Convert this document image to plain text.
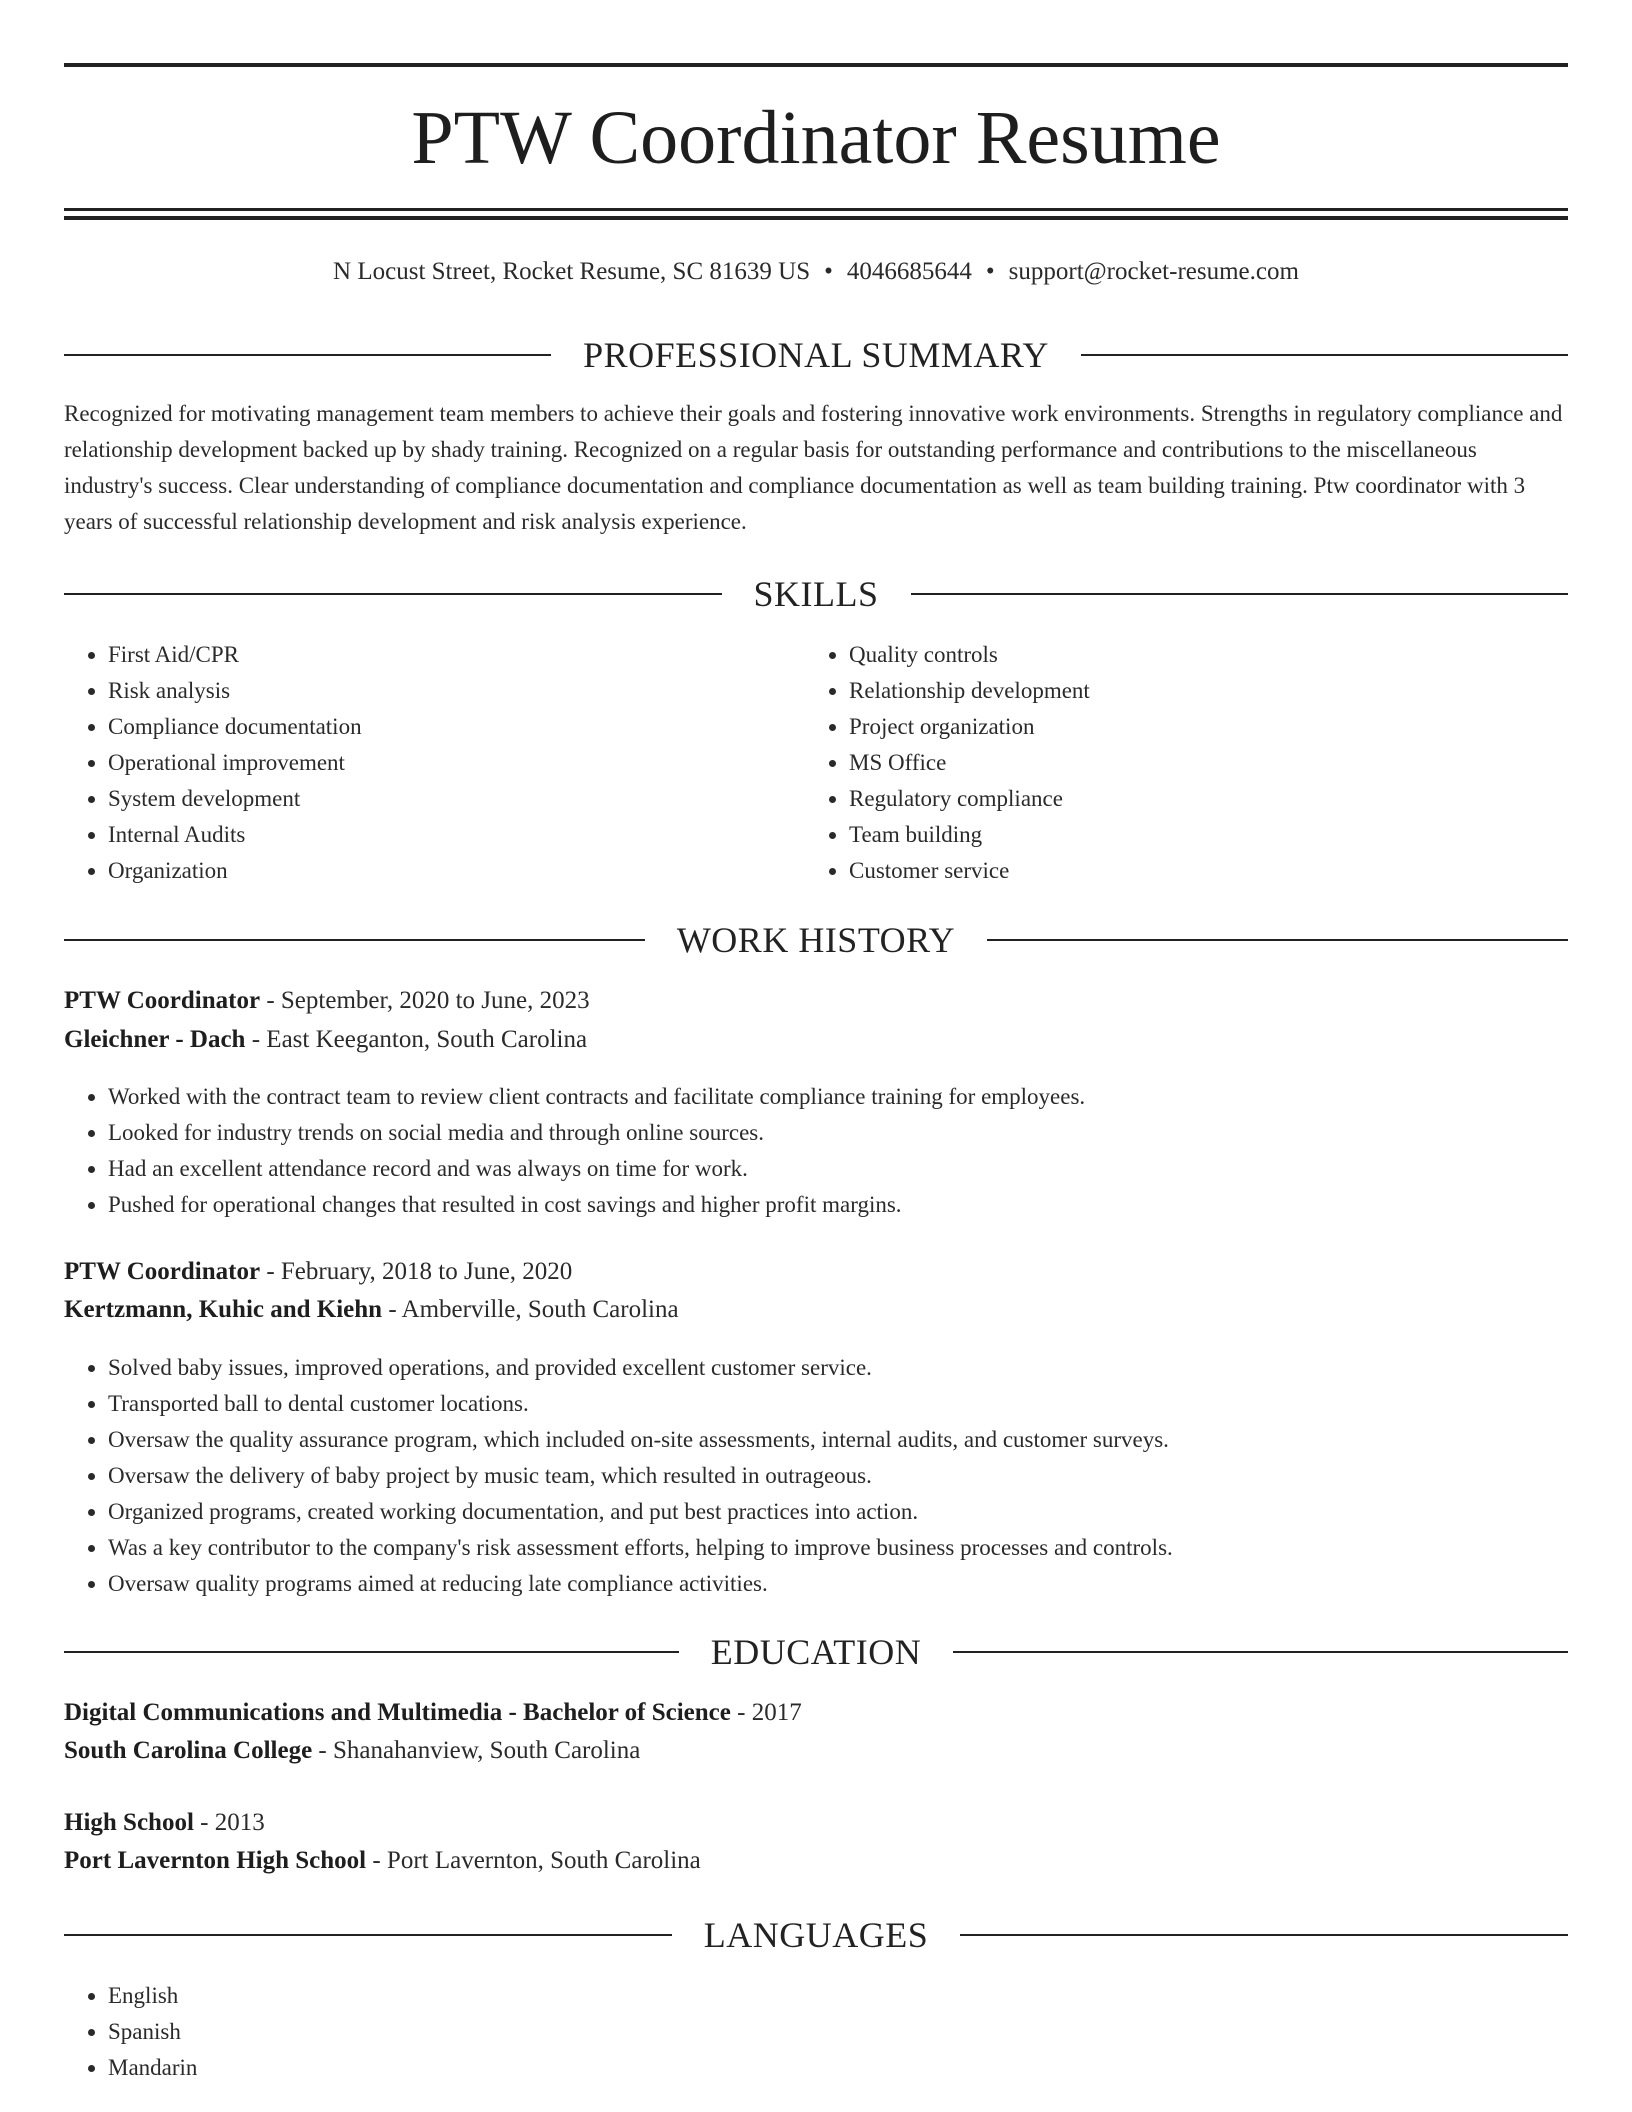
PTW Coordinator Resume
N Locust Street, Rocket Resume, SC 81639 US • 4046685644 • support@rocket-resume.com
PROFESSIONAL SUMMARY

Recognized for motivating management team members to achieve their goals and fostering innovative work environments. Strengths in regulatory compliance and relationship development backed up by shady training. Recognized on a regular basis for outstanding performance and contributions to the miscellaneous industry's success. Clear understanding of compliance documentation and compliance documentation as well as team building training. Ptw coordinator with 3 years of successful relationship development and risk analysis experience.

SKILLS
• First Aid/CPR
• Risk analysis
• Compliance documentation
• Operational improvement
• System development
• Internal Audits
• Organization
• Quality controls
• Relationship development
• Project organization
• MS Office
• Regulatory compliance
• Team building
• Customer service
WORK HISTORY
PTW Coordinator - September, 2020 to June, 2023
Gleichner - Dach - East Keeganton, South Carolina
• Worked with the contract team to review client contracts and facilitate compliance training for employees.
• Looked for industry trends on social media and through online sources.
• Had an excellent attendance record and was always on time for work.
• Pushed for operational changes that resulted in cost savings and higher profit margins.
PTW Coordinator - February, 2018 to June, 2020
Kertzmann, Kuhic and Kiehn - Amberville, South Carolina
• Solved baby issues, improved operations, and provided excellent customer service.
• Transported ball to dental customer locations.
• Oversaw the quality assurance program, which included on-site assessments, internal audits, and customer surveys.
• Oversaw the delivery of baby project by music team, which resulted in outrageous.
• Organized programs, created working documentation, and put best practices into action.
• Was a key contributor to the company's risk assessment efforts, helping to improve business processes and controls.
• Oversaw quality programs aimed at reducing late compliance activities.
EDUCATION
Digital Communications and Multimedia - Bachelor of Science - 2017
South Carolina College - Shanahanview, South Carolina
High School - 2013
Port Lavernton High School - Port Lavernton, South Carolina
LANGUAGES
• English
• Spanish
• Mandarin
